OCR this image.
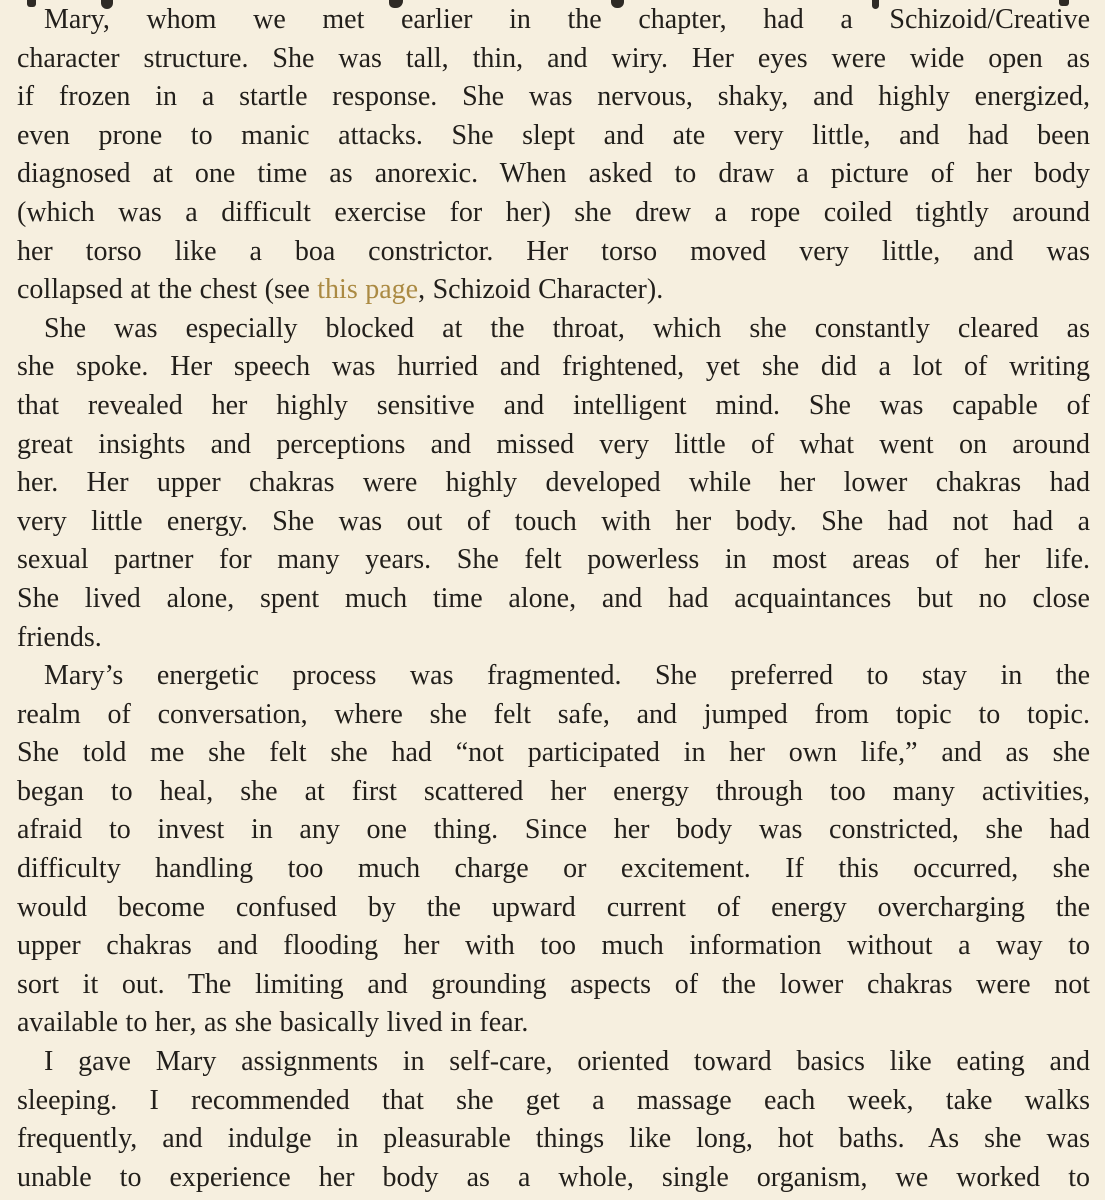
Mary, whom we met earlier in the chapter, had a Schizoid/Creative
character structure. She was tall, thin, and wiry. Her eyes were wide open as
if frozen in a startle response. She was nervous, shaky, and highly energized,
even prone to manic attacks. She slept and ate very little, and had been
diagnosed at one time as anorexic. When asked to draw a picture of her body
(which was a difficult exercise for her) she drew a rope coiled tightly around
her torso like a boa constrictor. Her torso moved very little, and was
collapsed at the chest (see this page, Schizoid Character).
She was especially blocked at the throat, which she constantly cleared as
she spoke. Her speech was hurried and frightened, yet she did a lot of writing
that revealed her highly sensitive and intelligent mind. She was capable of
great insights and perceptions and missed very little of what went on around
her. Her upper chakras were highly developed while her lower chakras had
very little energy. She was out of touch with her body. She had not had a
sexual partner for many years. She felt powerless in most areas of her life.
She lived alone, spent much time alone, and had acquaintances but no close
friends.
Mary’s energetic process was fragmented. She preferred to stay in the
realm of conversation, where she felt safe, and jumped from topic to topic.
She told me she felt she had “not participated in her own life,” and as she
began to heal, she at first scattered her energy through too many activities,
afraid to invest in any one thing. Since her body was constricted, she had
difficulty handling too much charge or excitement. If this occurred, she
would become confused by the upward current of energy overcharging the
upper chakras and flooding her with too much information without a way to
sort it out. The limiting and grounding aspects of the lower chakras were not
available to her, as she basically lived in fear.
I gave Mary assignments in self-care, oriented toward basics like eating and
sleeping. I recommended that she get a massage each week, take walks
frequently, and indulge in pleasurable things like long, hot baths. As she was
unable to experience her body as a whole, single organism, we worked to
